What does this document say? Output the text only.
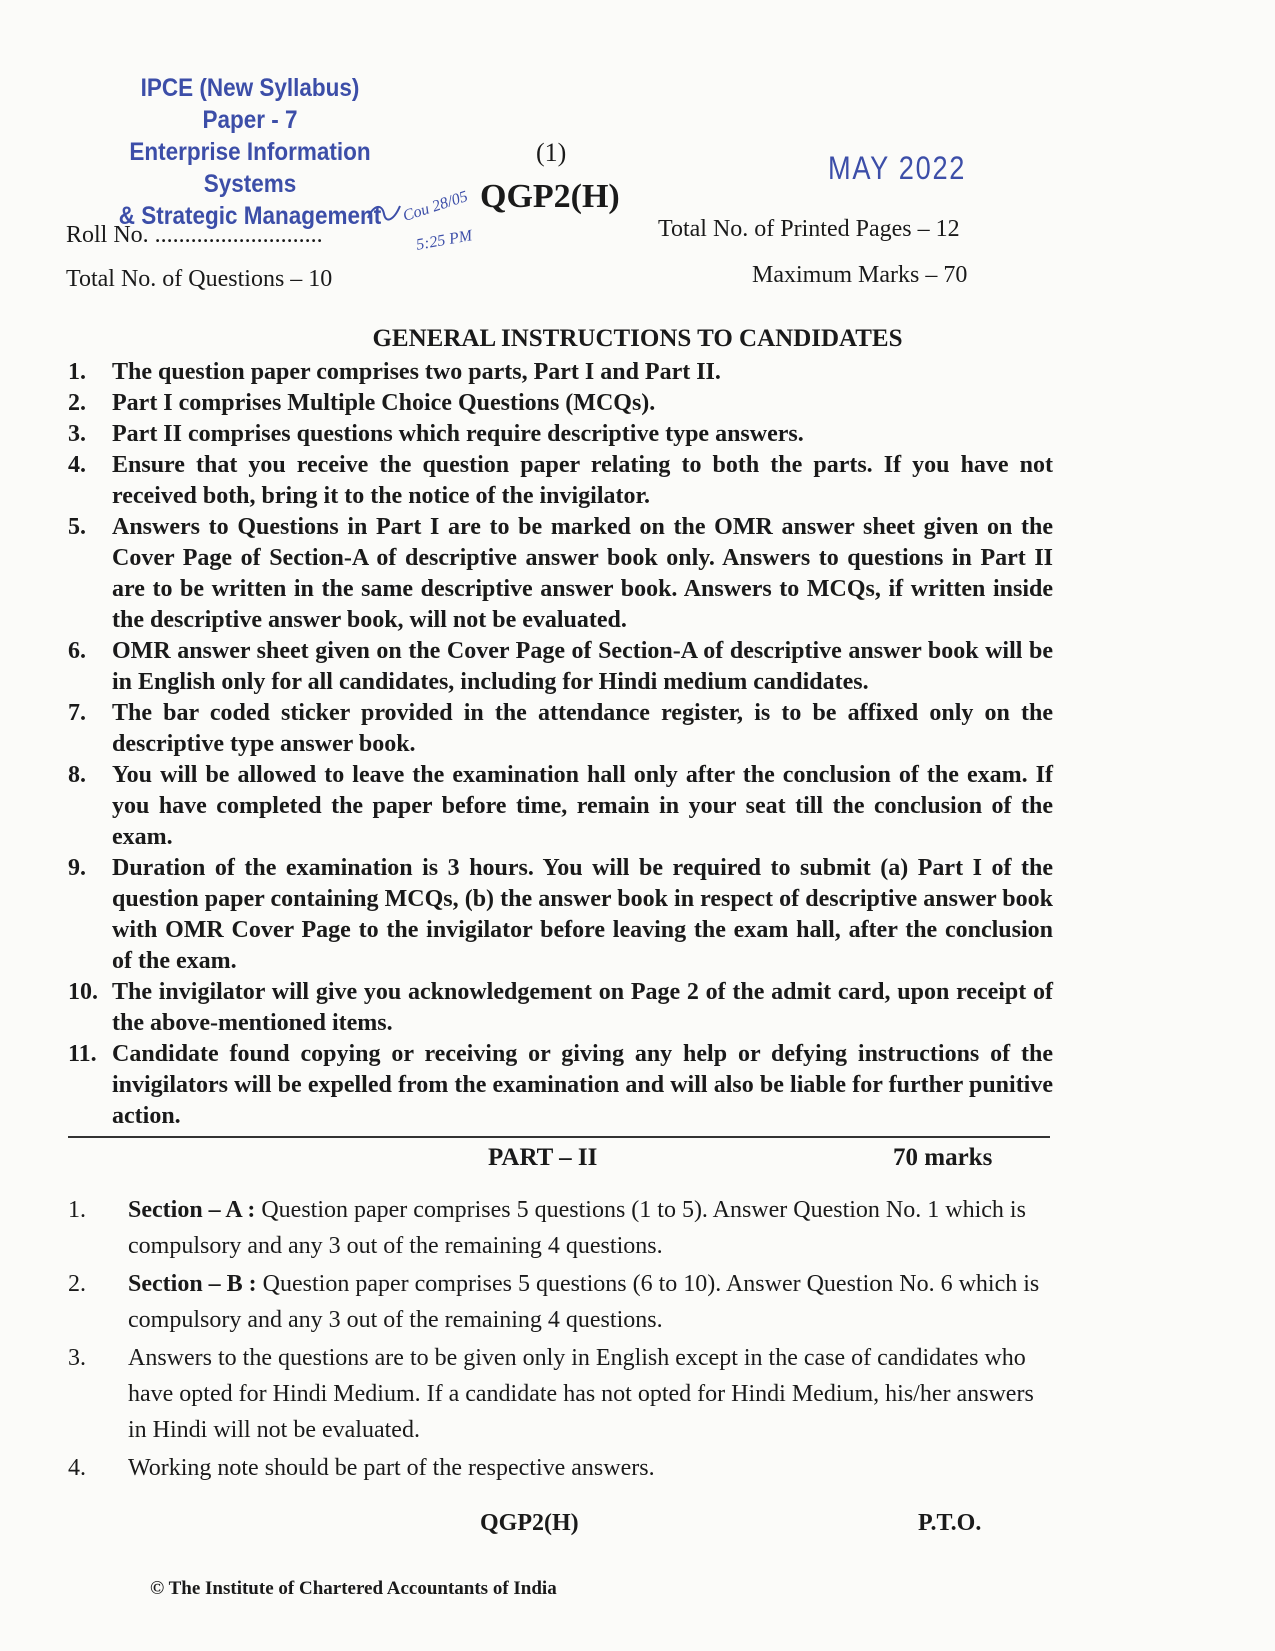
IPCE (New Syllabus)
Paper - 7
Enterprise Information Systems
& Strategic Management
(1)	MAY 2022
QGP2(H)
Cou 28/05
5:25 PM
Roll No. ............................	Total No. of Printed Pages – 12
Total No. of Questions – 10	Maximum Marks – 70
GENERAL INSTRUCTIONS TO CANDIDATES
1.	The question paper comprises two parts, Part I and Part II.
2.	Part I comprises Multiple Choice Questions (MCQs).
3.	Part II comprises questions which require descriptive type answers.
4.	Ensure that you receive the question paper relating to both the parts. If you have not received both, bring it to the notice of the invigilator.
5.	Answers to Questions in Part I are to be marked on the OMR answer sheet given on the Cover Page of Section-A of descriptive answer book only. Answers to questions in Part II are to be written in the same descriptive answer book. Answers to MCQs, if written inside the descriptive answer book, will not be evaluated.
6.	OMR answer sheet given on the Cover Page of Section-A of descriptive answer book will be in English only for all candidates, including for Hindi medium candidates.
7.	The bar coded sticker provided in the attendance register, is to be affixed only on the descriptive type answer book.
8.	You will be allowed to leave the examination hall only after the conclusion of the exam. If you have completed the paper before time, remain in your seat till the conclusion of the exam.
9.	Duration of the examination is 3 hours. You will be required to submit (a) Part I of the question paper containing MCQs, (b) the answer book in respect of descriptive answer book with OMR Cover Page to the invigilator before leaving the exam hall, after the conclusion of the exam.
10. The invigilator will give you acknowledgement on Page 2 of the admit card, upon receipt of the above-mentioned items.
11. Candidate found copying or receiving or giving any help or defying instructions of the invigilators will be expelled from the examination and will also be liable for further punitive action.
PART – II	70 marks
1. Section – A : Question paper comprises 5 questions (1 to 5). Answer Question No. 1 which is compulsory and any 3 out of the remaining 4 questions.
2. Section – B : Question paper comprises 5 questions (6 to 10). Answer Question No. 6 which is compulsory and any 3 out of the remaining 4 questions.
3. Answers to the questions are to be given only in English except in the case of candidates who have opted for Hindi Medium. If a candidate has not opted for Hindi Medium, his/her answers in Hindi will not be evaluated.
4. Working note should be part of the respective answers.
QGP2(H)	P.T.O.
© The Institute of Chartered Accountants of India
